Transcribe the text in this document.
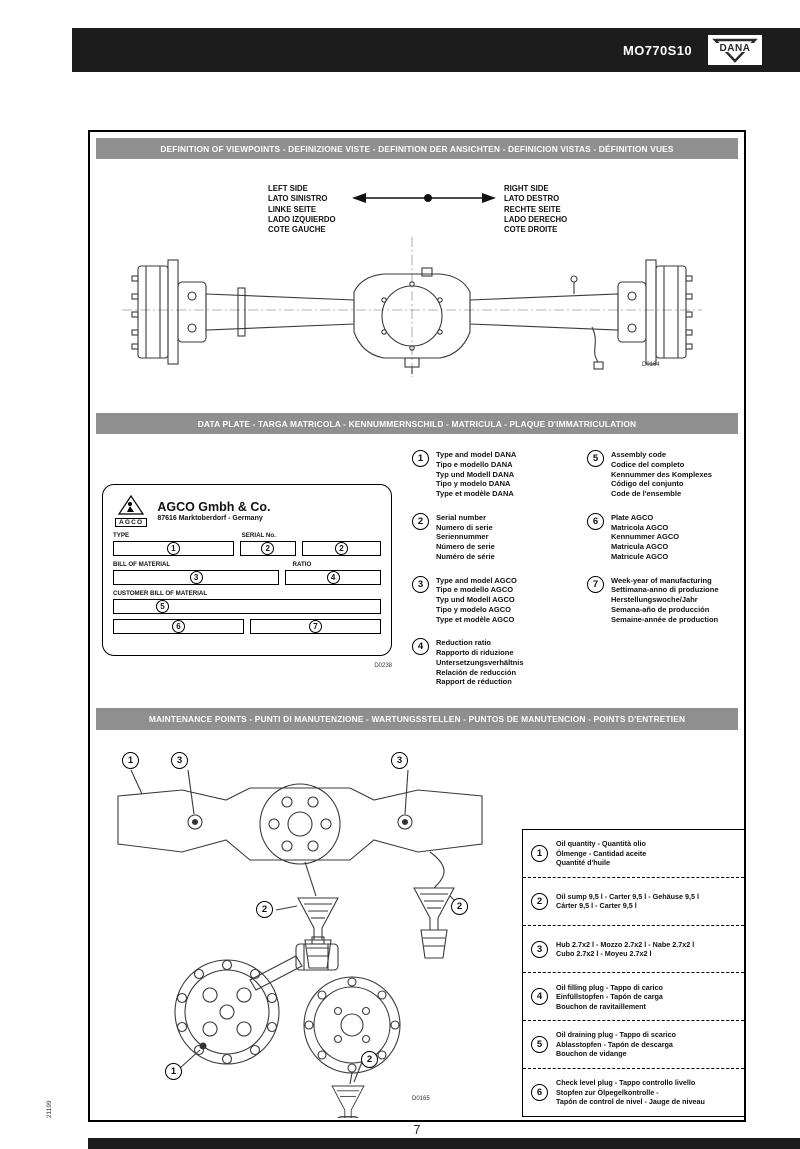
MO770S10	DANA
DEFINITION OF VIEWPOINTS - DEFINIZIONE VISTE - DEFINITION DER ANSICHTEN - DEFINICION VISTAS - DÉFINITION VUES
LEFT SIDE
LATO SINISTRO
LINKE SEITE
LADO IZQUIERDO
COTE GAUCHE
RIGHT SIDE
LATO DESTRO
RECHTE SEITE
LADO DERECHO
COTE DROITE
D0164
DATA PLATE - TARGA MATRICOLA - KENNUMMERNSCHILD - MATRICULA - PLAQUE D'IMMATRICULATION
AGCO
AGCO Gmbh & Co.
87616 Marktoberdorf - Germany
TYPE	SERIAL No.
1	2	2
BILL OF MATERIAL	RATIO
3	4
CUSTOMER BILL OF MATERIAL
5
6	7
D0238
1	Type and model DANA
Tipo e modello DANA
Typ und Modell DANA
Tipo y modelo DANA
Type et modèle DANA
2	Serial number
Numero di serie
Seriennummer
Número de serie
Numéro de série
3	Type and model AGCO
Tipo e modello AGCO
Typ und Modell AGCO
Tipo y modelo AGCO
Type et modèle AGCO
4	Reduction ratio
Rapporto di riduzione
Untersetzungsverhältnis
Relación de reducción
Rapport de réduction
5	Assembly code
Codice del completo
Kennummer des Komplexes
Código del conjunto
Code de l'ensemble
6	Plate AGCO
Matricola AGCO
Kennummer AGCO
Matricula AGCO
Matricule AGCO
7	Week-year of manufacturing
Settimana-anno di produzione
Herstellungswoche/Jahr
Semana-año de producción
Semaine-année de production
MAINTENANCE POINTS - PUNTI DI MANUTENZIONE - WARTUNGSSTELLEN - PUNTOS DE MANUTENCION - POINTS D'ENTRETIEN
1	3	3
2	2
1
2
1
Oil quantity - Quantità olio
Ölmenge - Cantidad aceite
Quantité d'huile
2	Oil sump 9,5 l - Carter 9,5 l - Gehäuse 9,5 l
Cárter 9,5 l - Carter 9,5 l
3	Hub 2.7x2 l - Mozzo 2.7x2 l - Nabe 2.7x2 l
Cubo 2.7x2 l - Moyeu 2.7x2 l
4
Oil filling plug - Tappo di carico
Einfüllstopfen - Tapón de carga
Bouchon de ravitaillement
5
Oil draining plug - Tappo di scarico
Ablasstopfen - Tapón de descarga
Bouchon de vidange
6
Check level plug - Tappo controllo livello
Stopfen zur Ölpegelkontrolle -
Tapón de control de nivel - Jauge de niveau
D0165
7
21199
